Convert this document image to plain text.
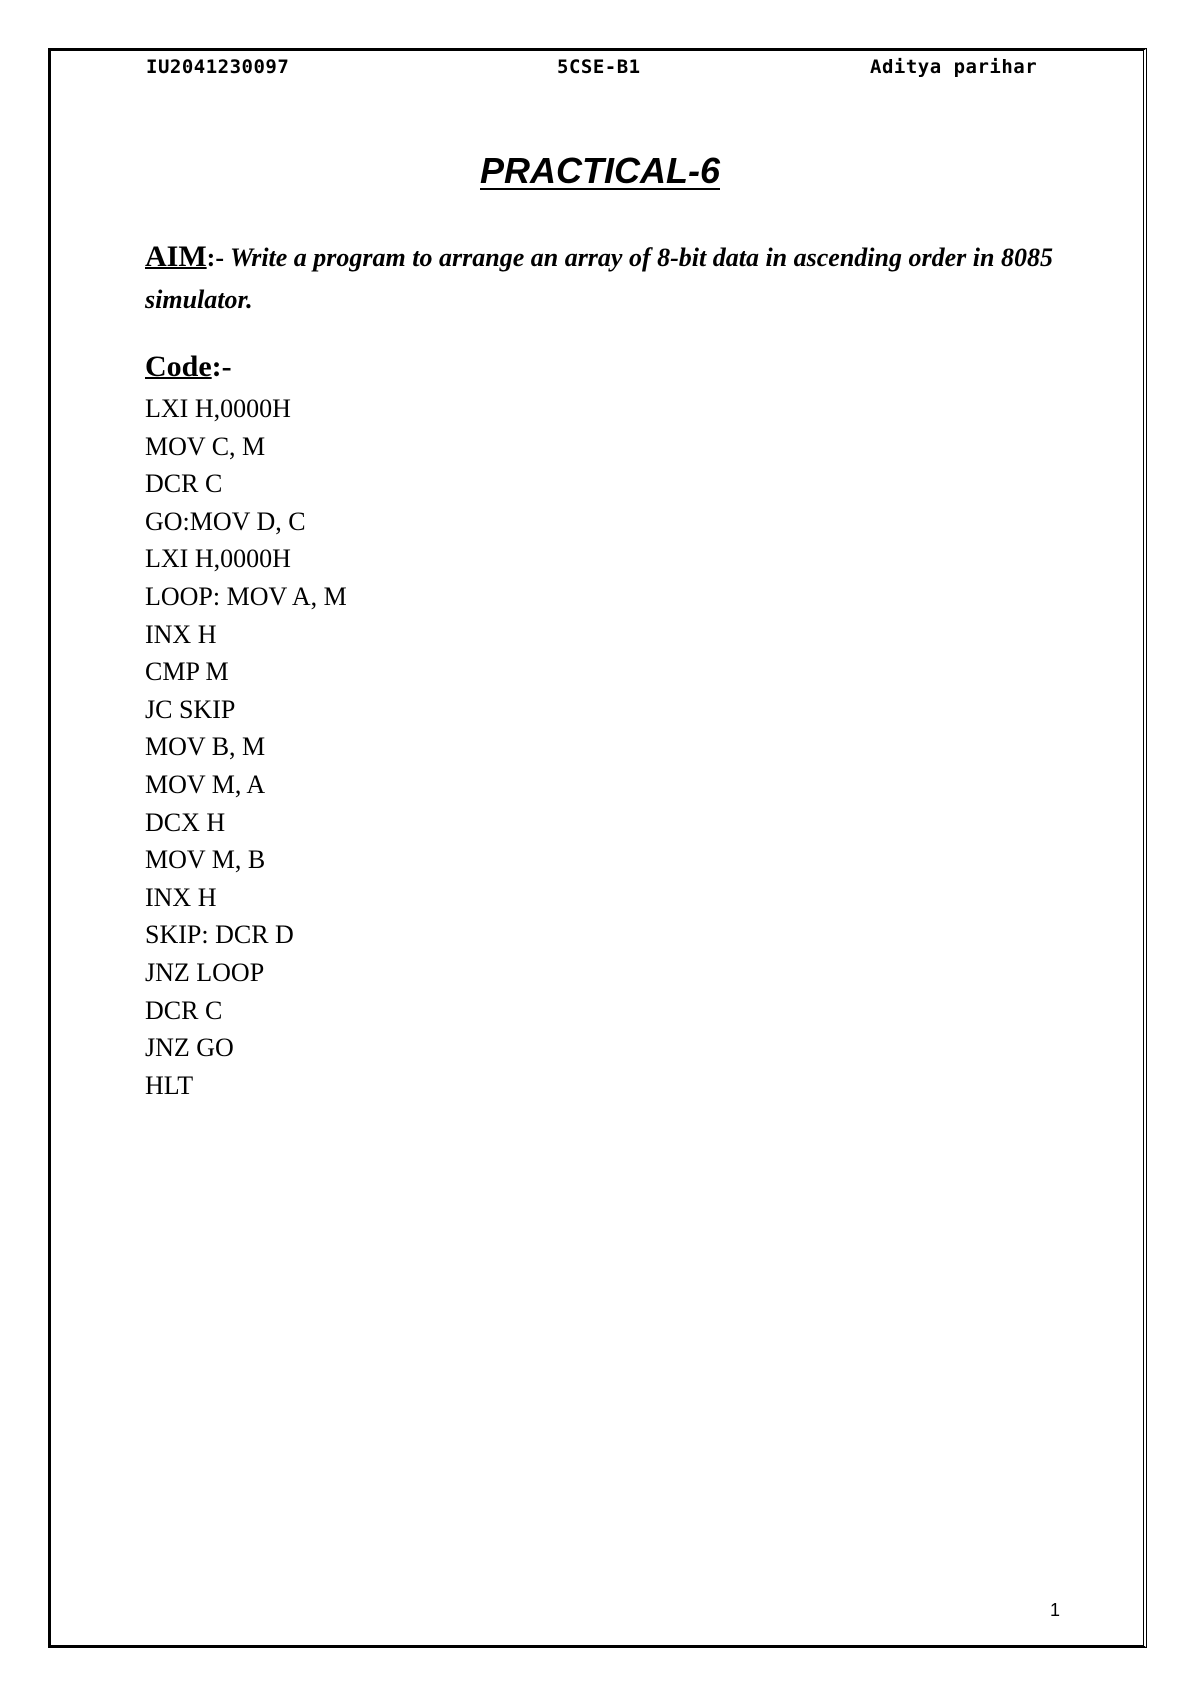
IU2041230097	5CSE-B1	Aditya parihar
PRACTICAL-6
AIM:- Write a program to arrange an array of 8-bit data in ascending order in 8085 simulator.
Code:-
LXI H,0000H
MOV C, M
DCR C
GO:MOV D, C
LXI H,0000H
LOOP: MOV A, M
INX H
CMP M
JC SKIP
MOV B, M
MOV M, A
DCX H
MOV M, B
INX H
SKIP: DCR D
JNZ LOOP
DCR C
JNZ GO
HLT
1
